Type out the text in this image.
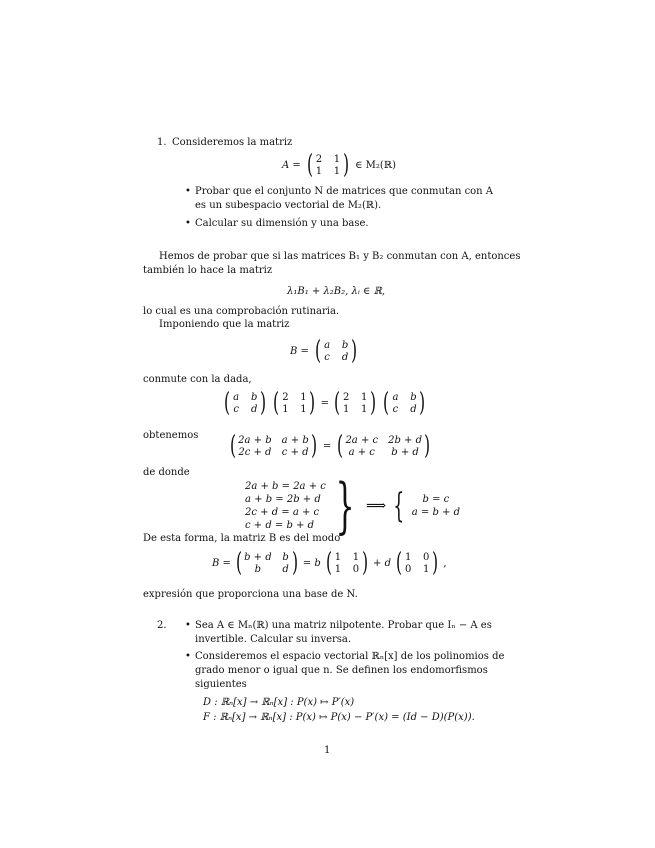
1. Consideremos la matriz
A = ( 2 1
1 1 ) ∈ M₂(ℝ)
• Probar que el conjunto N de matrices que conmutan con A
es un subespacio vectorial de M₂(ℝ).
• Calcular su dimensión y una base.
Hemos de probar que si las matrices B₁ y B₂ conmutan con A, entonces
también lo hace la matriz
λ₁B₁ + λ₂B₂, λᵢ ∈ ℝ,
lo cual es una comprobación rutinaria.
Imponiendo que la matriz
B = ( a b
c d )
conmute con la dada,
( a b
c d ) ( 2 1
1 1 ) = ( 2 1
1 1 ) ( a b
c d )
obtenemos ( 2a + b a + b
2c + d c + d ) = ( 2a + c 2b + d
a + c	b + d )
de donde
2a + b = 2a + c
a + b = 2b + d
2c + d = a + c
c + d = b + d } ⟹ {	b = c
a = b + d
De esta forma, la matriz B es del modo
B = ( b + d b
b	d ) = b ( 1 1
1 0 ) + d ( 1 0
0 1 ) ,
expresión que proporciona una base de N.
2.
•	Sea A ∈ Mₙ(ℝ) una matriz nilpotente. Probar que Iₙ − A es
invertible. Calcular su inversa.
• Consideremos el espacio vectorial ℝₙ[x] de los polinomios de
grado menor o igual que n. Se definen los endomorfismos
siguientes
D : ℝₙ[x] → ℝₙ[x] : P(x) ↦ P′(x)
F : ℝₙ[x] → ℝₙ[x] : P(x) ↦ P(x) − P′(x) = (Id − D)(P(x)).
1
